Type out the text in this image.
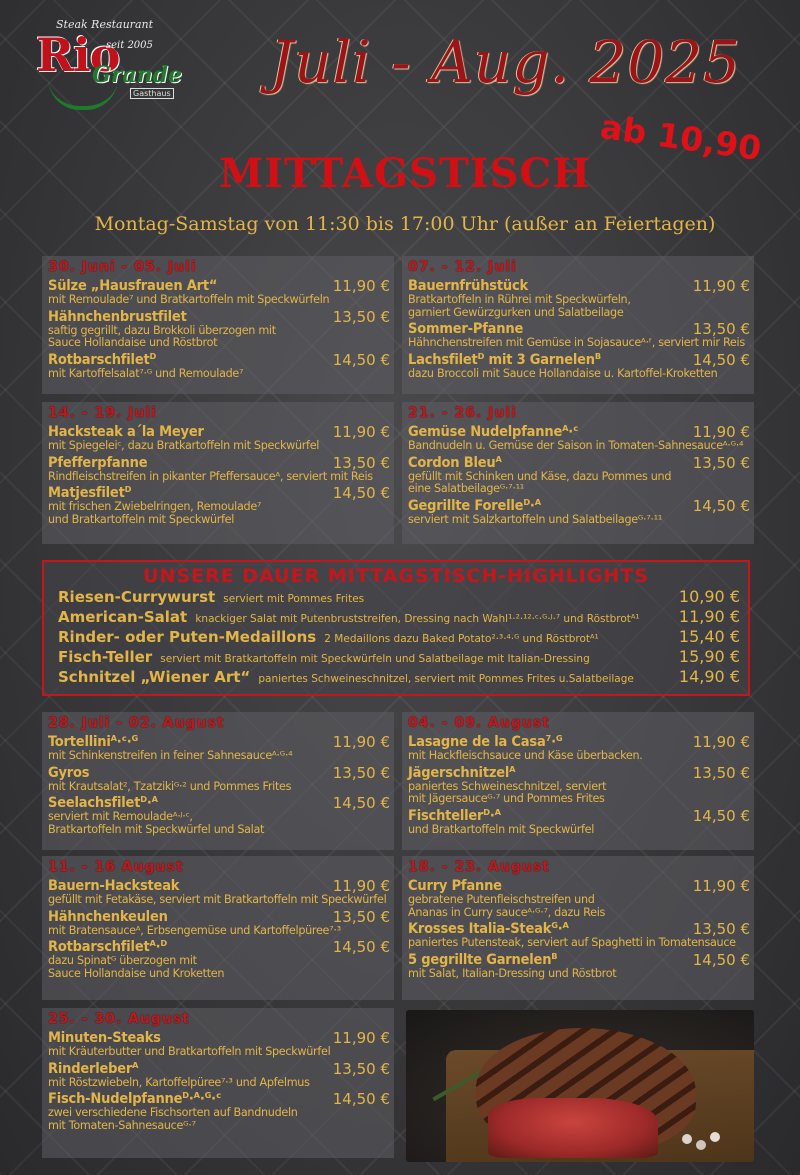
Steak Restaurant
Rio
seit 2005
Grande
Gasthaus Juli - Aug. 2025
ab 10,90
MITTAGSTISCH
Montag-Samstag von 11:30 bis 17:00 Uhr (außer an Feiertagen)
30. Juni - 05. Juli
Sülze „Hausfrauen Art“	11,90 €
mit Remoulade⁷ und Bratkartoffeln mit Speckwürfeln
Hähnchenbrustfilet	13,50 €
saftig gegrillt, dazu Brokkoli überzogen mit
Sauce Hollandaise und Röstbrot
Rotbarschfiletᴰ	14,50 €
mit Kartoffelsalat⁷·ᴳ und Remoulade⁷
07. - 12. Juli
Bauernfrühstück	11,90 €
Bratkartoffeln in Rührei mit Speckwürfeln,
garniert Gewürzgurken und Salatbeilage
Sommer-Pfanne	13,50 €
Hähnchenstreifen mit Gemüse in Sojasauceᴬ·ᶠ, serviert mir Reis
Lachsfiletᴰ mit 3 Garnelenᴮ	14,50 €
dazu Broccoli mit Sauce Hollandaise u. Kartoffel-Kroketten
14. - 19. Juli
Hacksteak a´la Meyer	11,90 €
mit Spiegeleiᶜ, dazu Bratkartoffeln mit Speckwürfel
Pfefferpfanne	13,50 €
Rindfleischstreifen in pikanter Pfeffersauceᴬ, serviert mit Reis
Matjesfiletᴰ	14,50 €
mit frischen Zwiebelringen, Remoulade⁷
und Bratkartoffeln mit Speckwürfel
21. - 26. Juli
Gemüse Nudelpfanneᴬ·ᶜ	11,90 €
Bandnudeln u. Gemüse der Saison in Tomaten-Sahnesauceᴬ·ᴳ·⁴
Cordon Bleuᴬ	13,50 €
gefüllt mit Schinken und Käse, dazu Pommes und
eine Salatbeilageᴳ·⁷·¹¹
Gegrillte Forelleᴰ·ᴬ	14,50 €
serviert mit Salzkartoffeln und Salatbeilageᴳ·⁷·¹¹
UNSERE DAUER MITTAGSTISCH-HIGHLIGHTS
Riesen-Currywurst serviert mit Pommes Frites	10,90 €
American-Salat knackiger Salat mit Putenbruststreifen, Dressing nach Wahl¹·²·¹²·ᶜ·ᴳ·ᴶ·⁷ und Röstbrotᴬ¹ 11,90 €
Rinder- oder Puten-Medaillons 2 Medaillons dazu Baked Potato²·³·⁴·ᴳ und Röstbrotᴬ¹	15,40 €
Fisch-Teller serviert mit Bratkartoffeln mit Speckwürfeln und Salatbeilage mit Italian-Dressing	15,90 €
Schnitzel „Wiener Art“ paniertes Schweineschnitzel, serviert mit Pommes Frites u.Salatbeilage	14,90 €
28. Juli - 02. August
Tortelliniᴬ·ᶜ·ᴳ	11,90 €
mit Schinkenstreifen in feiner Sahnesauceᴬ·ᴳ·⁴
Gyros	13,50 €
mit Krautsalat², Tzatzikiᴳ·² und Pommes Frites
Seelachsfiletᴰ·ᴬ	14,50 €
serviert mit Remouladeᴬ·ᴶ·ᶜ,
Bratkartoffeln mit Speckwürfel und Salat
04. - 09. August
Lasagne de la Casa⁷·ᴳ	11,90 €
mit Hackfleischsauce und Käse überbacken.
Jägerschnitzelᴬ	13,50 €
paniertes Schweineschnitzel, serviert
mit Jägersauceᴳ·⁷ und Pommes Frites
Fischtellerᴰ·ᴬ	14,50 €
und Bratkartoffeln mit Speckwürfel
11. - 16 August
Bauern-Hacksteak	11,90 €
gefüllt mit Fetakäse, serviert mit Bratkartoffeln mit Speckwürfel
Hähnchenkeulen	13,50 €
mit Bratensauceᴬ, Erbsengemüse und Kartoffelpüree⁷·³
Rotbarschfiletᴬ·ᴰ	14,50 €
dazu Spinatᴳ überzogen mit
Sauce Hollandaise und Kroketten
18. - 23. August
Curry Pfanne	11,90 €
gebratene Putenfleischstreifen und
Ananas in Curry sauceᴬ·ᴳ·⁷, dazu Reis
Krosses Italia-Steakᴳ·ᴬ	13,50 €
paniertes Putensteak, serviert auf Spaghetti in Tomatensauce
5 gegrillte Garnelenᴮ	14,50 €
mit Salat, Italian-Dressing und Röstbrot
25. - 30. August
Minuten-Steaks	11,90 €
mit Kräuterbutter und Bratkartoffeln mit Speckwürfel
Rinderleberᴬ	13,50 €
mit Röstzwiebeln, Kartoffelpüree⁷·³ und Apfelmus
Fisch-Nudelpfanneᴰ·ᴬ·ᴳ·ᶜ	14,50 €
zwei verschiedene Fischsorten auf Bandnudeln
mit Tomaten-Sahnesauceᴳ·⁷
